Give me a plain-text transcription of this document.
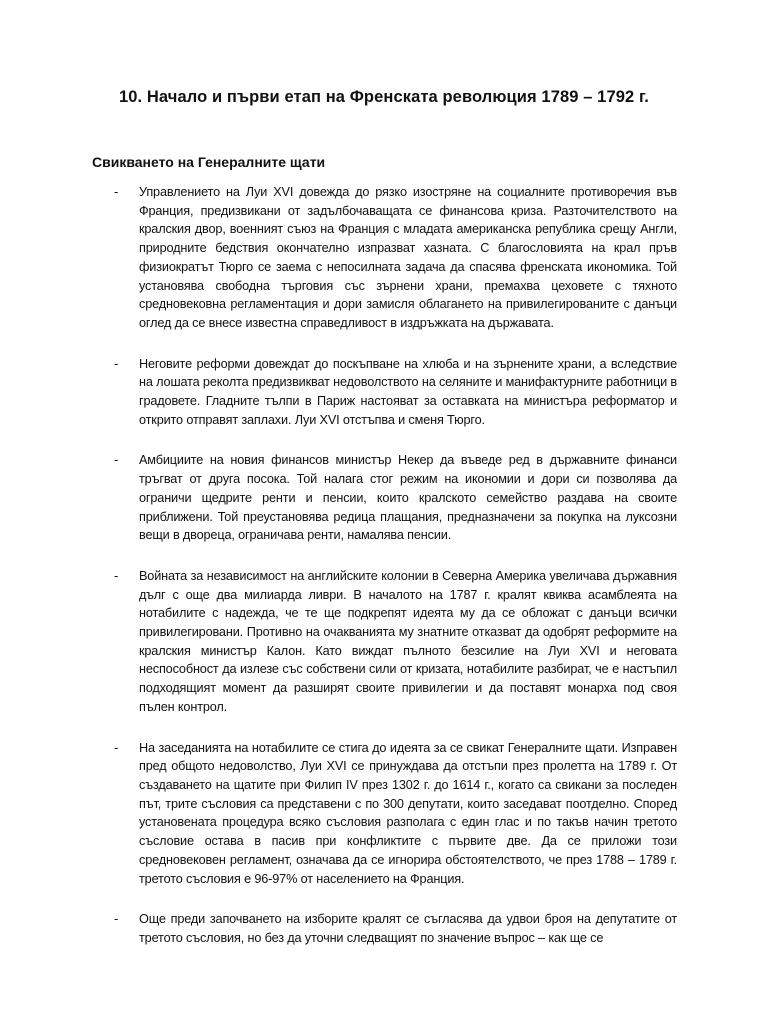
10. Начало и първи етап на Френската революция 1789 – 1792 г.
Свикването на Генералните щати
- Управлението на Луи XVI довежда до рязко изостряне на социалните противоречия във Франция, предизвикани от задълбочаващата се финансова криза. Разточителството на кралския двор, военният съюз на Франция с младата американска република срещу Англи, природните бедствия окончателно изпразват хазната. С благословията на крал пръв физиократът Тюрго се заема с непосилната задача да спасява френската икономика. Той установява свободна търговия със зърнени храни, премахва цеховете с тяхното средновековна регламентация и дори замисля облагането на привилегированите с данъци оглед да се внесе известна справедливост в издръжката на държавата.

- Неговите реформи довеждат до поскъпване на хлюба и на зърнените храни, а вследствие на лошата реколта предизвикват недоволството на селяните и манифактурните работници в градовете. Гладните тълпи в Париж настояват за оставката на министъра реформатор и открито отправят заплахи. Луи XVI отстъпва и сменя Тюрго.

- Амбициите на новия финансов министър Некер да въведе ред в държавните финанси тръгват от друга посока. Той налага стог режим на икономии и дори си позволява да ограничи щедрите ренти и пенсии, които кралското семейство раздава на своите приближени. Той преустановява редица плащания, предназначени за покупка на луксозни вещи в двореца, ограничава ренти, намалява пенсии.

- Войната за независимост на английските колонии в Северна Америка увеличава държавния дълг с още два милиарда ливри. В началото на 1787 г. кралят квиква асамблеята на нотабилите с надежда, че те ще подкрепят идеята му да се обложат с данъци всички привилегировани. Противно на очакванията му знатните отказват да одобрят реформите на кралския министър Калон. Като виждат пълното безсилие на Луи XVI и неговата неспособност да излезе със собствени сили от кризата, нотабилите разбират, че е настъпил подходящият момент да разширят своите привилегии и да поставят монарха под своя пълен контрол.

- На заседанията на нотабилите се стига до идеята за се свикат Генералните щати. Изправен пред общото недоволство, Луи XVI се принуждава да отстъпи през пролетта на 1789 г. От създаването на щатите при Филип IV през 1302 г. до 1614 г., когато са свикани за последен път, трите съсловия са представени с по 300 депутати, които заседават поотделно. Според установената процедура всяко съсловия разполага с един глас и по такъв начин третото съсловие остава в пасив при конфликтите с първите две. Да се приложи този средновековен регламент, означава да се игнорира обстоятелството, че през 1788 – 1789 г. третото съсловия е 96-97% от населението на Франция.

- Още преди започването на изборите кралят се съгласява да удвои броя на депутатите от третото съсловия, но без да уточни следващият по значение въпрос – как ще се
